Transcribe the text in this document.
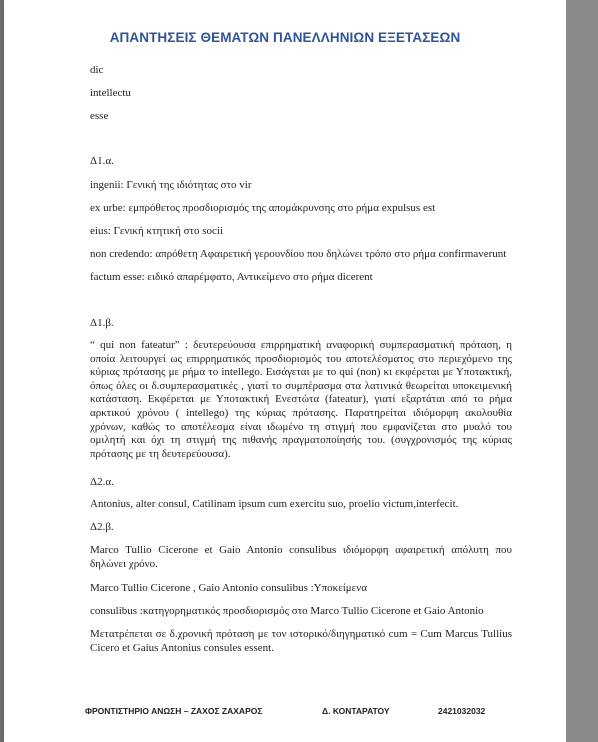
ΑΠΑΝΤΗΣΕΙΣ ΘΕΜΑΤΩΝ ΠΑΝΕΛΛΗΝΙΩΝ ΕΞΕΤΑΣΕΩΝ
dic
intellectu
esse
Δ1.α.
ingenii: Γενική της ιδιότητας στο vir
ex urbe: εμπρόθετος προσδιορισμός της απομάκρυνσης στο ρήμα expulsus est
eius: Γενική κτητική στο socii
non credendo: απρόθετη Αφαιρετική γερουνδίου που δηλώνει τρόπο στο ρήμα confirmaverunt
factum esse: ειδικό απαρέμφατο, Αντικείμενο στο ρήμα dicerent
Δ1.β.
“ qui non fateatur” : δευτερεύουσα επιρρηματική αναφορική συμπερασματική πρόταση, η οποία λειτουργεί ως επιρρηματικός προσδιορισμός του αποτελέσματος στο περιεχόμενο της κύριας πρότασης με ρήμα το intellego. Εισάγεται με το qui (non) κι εκφέρεται με Υποτακτική, όπως όλες οι δ.συμπερασματικές , γιατί το συμπέρασμα στα λατινικά θεωρείται υποκειμενική κατάσταση. Εκφέρεται με Υποτακτική Ενεστώτα (fateatur), γιατί εξαρτάται από το ρήμα αρκτικού χρόνου ( intellego) της κύριας πρότασης. Παρατηρείται ιδιόμορφη ακολουθία χρόνων, καθώς το αποτέλεσμα είναι ιδωμένο τη στιγμή που εμφανίζεται στο μυαλό του ομιλητή και όχι τη στιγμή της πιθανής πραγματοποίησής του. (συγχρονισμός της κύριας πρότασης με τη δευτερεύουσα).
Δ2.α.
Antonius, alter consul, Catilinam ipsum cum exercitu suo, proelio victum,interfecit.
Δ2.β.
Marco Tullio Cicerone et Gaio Antonio consulibus ιδιόμορφη αφαιρετική απόλυτη που δηλώνει χρόνο.
Marco Tullio Cicerone , Gaio Antonio consulibus :Υποκείμενα
consulibus :κατηγορηματικός προσδιορισμός στο Marco Tullio Cicerone et Gaio Antonio
Μετατρέπεται σε δ.χρονική πρόταση με τον ιστορικό/διηγηματικό cum = Cum Marcus Tullius Cicero et Gaius Antonius consules essent.
ΦΡΟΝΤΙΣΤΗΡΙΟ ΑΝΩΣΗ – ΖΑΧΟΣ ΖΑΧΑΡΟΣ	Δ. ΚΟΝΤΑΡΑΤΟΥ	2421032032
